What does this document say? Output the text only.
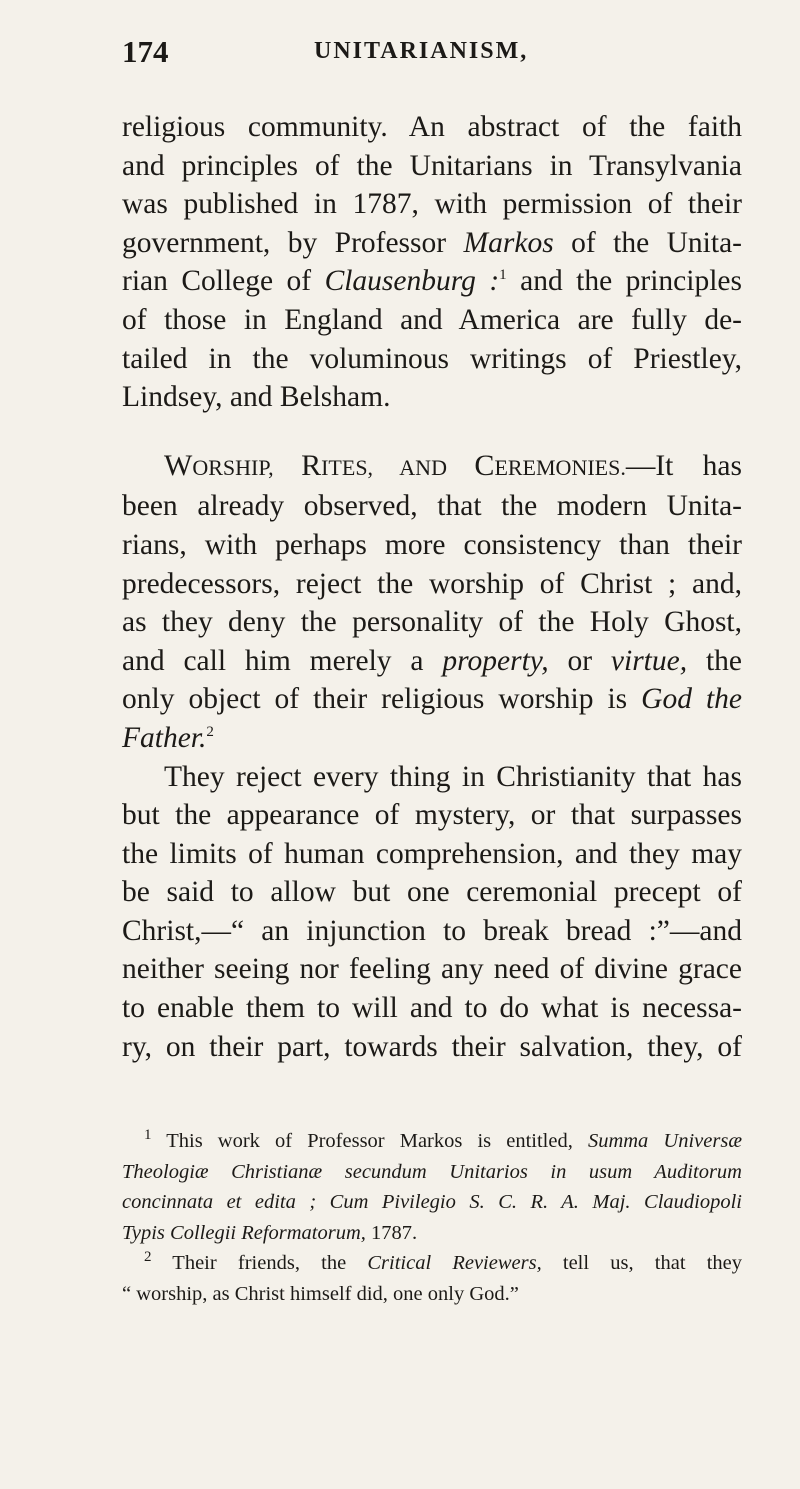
174	UNITARIANISM,

religious community. An abstract of the faith
and principles of the Unitarians in Transylvania
was published in 1787, with permission of their
government, by Professor Markos of the Unita-
rian College of Clausenburg :$^1$ and the principles
of those in England and America are fully de-
tailed in the voluminous writings of Priestley,
Lindsey, and Belsham.

WORSHIP, RITES, AND CEREMONIES.—It has
been already observed, that the modern Unita-
rians, with perhaps more consistency than their
predecessors, reject the worship of Christ ; and,
as they deny the personality of the Holy Ghost,
and call him merely a property, or virtue, the
only object of their religious worship is God the
Father.$^2$

They reject every thing in Christianity that has
but the appearance of mystery, or that surpasses
the limits of human comprehension, and they may
be said to allow but one ceremonial precept of
Christ,—“ an injunction to break bread :”—and
neither seeing nor feeling any need of divine grace
to enable them to will and to do what is necessa-
ry, on their part, towards their salvation, they, of

$^1$ This work of Professor Markos is entitled, Summa Universæ
Theologiæ Christianæ secundum Unitarios in usum Auditorum
concinnata et edita ; Cum Pivilegio S. C. R. A. Maj. Claudiopoli
Typis Collegii Reformatorum, 1787.

$^2$ Their friends, the Critical Reviewers, tell us, that they
“ worship, as Christ himself did, one only God.”
